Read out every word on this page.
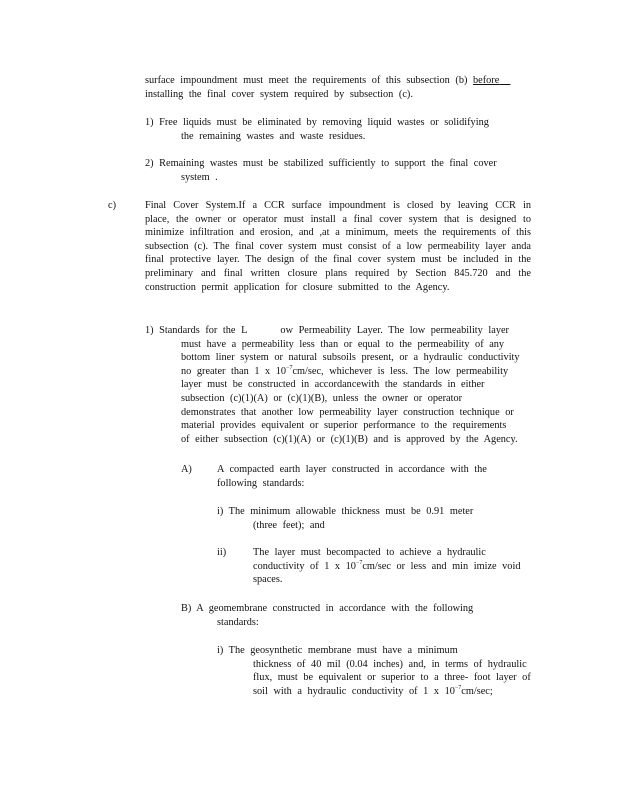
surface impoundment must meet the requirements of this subsection (b) before

installing the final cover system required by subsection (c).

1) Free liquids must be eliminated by removing liquid wastes or solidifying

the remaining wastes and waste residues.

2) Remaining wastes must be stabilized sufficiently to support the final cover

system .

c)	Final Cover System.If a CCR surface impoundment is closed by leaving CCR in place, the owner or operator must install a final cover system that is designed to minimize infiltration and erosion, and ,at a minimum, meets the requirements of this subsection (c). The final cover system must consist of a low permeability layer anda final protective layer. The design of the final cover system must be included in the preliminary and final written closure plans required by Section 845.720 and the construction permit application for closure submitted to the Agency.

1) Standards for the L      ow Permeability Layer. The low permeability layer

must have a permeability less than or equal to the permeability of any

bottom liner system or natural subsoils present, or a hydraulic conductivity

no greater than 1 x $10^{-7}cm/\sec$, whichever is less. The low permeability

layer must be constructed in accordancewith the standards in either

subsection (c)(1)(A) or (c)(1)(B), unless the owner or operator

demonstrates that another low permeability layer construction technique or

material provides equivalent or superior performance to the requirements

of either subsection (c)(1)(A) or (c)(1)(B) and is approved by the Agency.

A) A compacted earth layer constructed in accordance with the

following standards:

i) The minimum allowable thickness must be 0.91 meter

(three feet); and

ii)	The layer must becompacted to achieve a hydraulic

conductivity of 1 x $10^{-7}cm/\sec$ or less and min imize void

spaces.

B) A geomembrane constructed in accordance with the following

standards:

i) The geosynthetic membrane must have a minimum

thickness of 40 mil (0.04 inches) and, in terms of hydraulic

flux, must be equivalent or superior to a three- foot layer of

soil with a hydraulic conductivity of 1 x $10^{-7}cm/\sec$;
